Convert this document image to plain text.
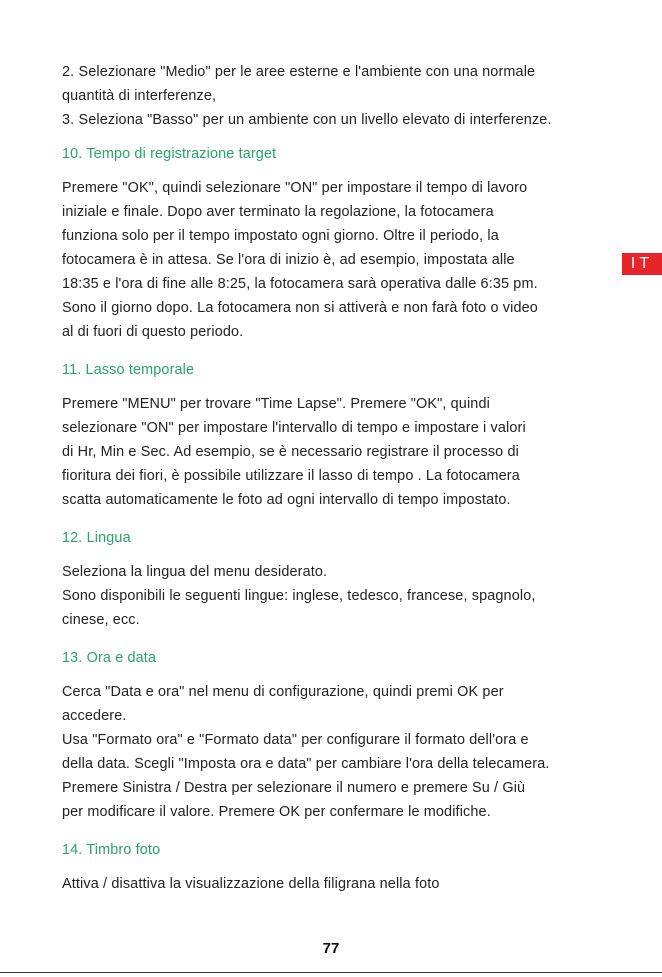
2. Selezionare "Medio" per le aree esterne e l'ambiente con una normale

quantità di interferenze,

3. Seleziona "Basso" per un ambiente con un livello elevato di interferenze.

10. Tempo di registrazione target

Premere "OK", quindi selezionare "ON" per impostare il tempo di lavoro

iniziale e finale. Dopo aver terminato la regolazione, la fotocamera

funziona solo per il tempo impostato ogni giorno. Oltre il periodo, la

fotocamera è in attesa. Se l'ora di inizio è, ad esempio, impostata alle

18:35 e l'ora di fine alle 8:25, la fotocamera sarà operativa dalle 6:35 pm.

Sono il giorno dopo. La fotocamera non si attiverà e non farà foto o video

al di fuori di questo periodo.

11. Lasso temporale

Premere "MENU" per trovare "Time Lapse". Premere "OK", quindi

selezionare "ON" per impostare l'intervallo di tempo e impostare i valori

di Hr, Min e Sec. Ad esempio, se è necessario registrare il processo di

fioritura dei fiori, è possibile utilizzare il lasso di tempo . La fotocamera

scatta automaticamente le foto ad ogni intervallo di tempo impostato.

12. Lingua

Seleziona la lingua del menu desiderato.

Sono disponibili le seguenti lingue: inglese, tedesco, francese, spagnolo,

cinese, ecc.

13. Ora e data

Cerca "Data e ora" nel menu di configurazione, quindi premi OK per

accedere.

Usa "Formato ora" e "Formato data" per configurare il formato dell'ora e

della data. Scegli "Imposta ora e data" per cambiare l'ora della telecamera.

Premere Sinistra / Destra per selezionare il numero e premere Su / Giù

per modificare il valore. Premere OK per confermare le modifiche.

14. Timbro foto

Attiva / disattiva la visualizzazione della filigrana nella foto

IT
77
